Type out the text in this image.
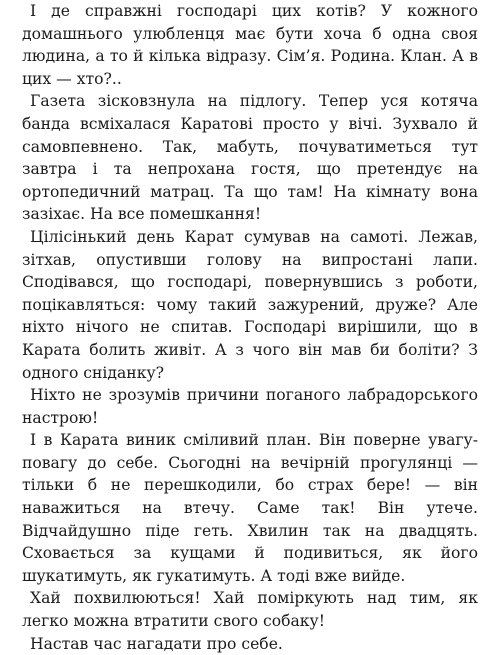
І де справжні господарі цих котів? У кожного домашнього улюбленця має бути хоча б одна своя людина, а то й кілька відразу. Сім’я. Родина. Клан. А в цих — хто?..

Газета зісковзнула на підлогу. Тепер уся котяча банда всміхалася Каратові просто у вічі. Зухвало й самовпевнено. Так, мабуть, почуватиметься тут завтра і та непрохана гостя, що претендує на ортопедичний матрац. Та що там! На кімнату вона зазіхає. На все помешкання!

Цілісінький день Карат сумував на самоті. Лежав, зітхав, опустивши голову на випростані лапи. Сподівався, що господарі, повернувшись з роботи, поцікавляться: чому такий зажурений, друже? Але ніхто нічого не спитав. Господарі вирішили, що в Карата болить живіт. А з чого він мав би боліти? З одного сніданку?

Ніхто не зрозумів причини поганого лабрадорського настрою!

І в Карата виник сміливий план. Він поверне увагу-повагу до себе. Сьогодні на вечірній прогулянці — тільки б не перешкодили, бо страх бере! — він наважиться на втечу. Саме так! Він утече. Відчайдушно піде геть. Хвилин так на двадцять. Сховається за кущами й подивиться, як його шукатимуть, як гукатимуть. А тоді вже вийде.

Хай похвилюються! Хай поміркують над тим, як легко можна втратити свого собаку!

Настав час нагадати про себе.
